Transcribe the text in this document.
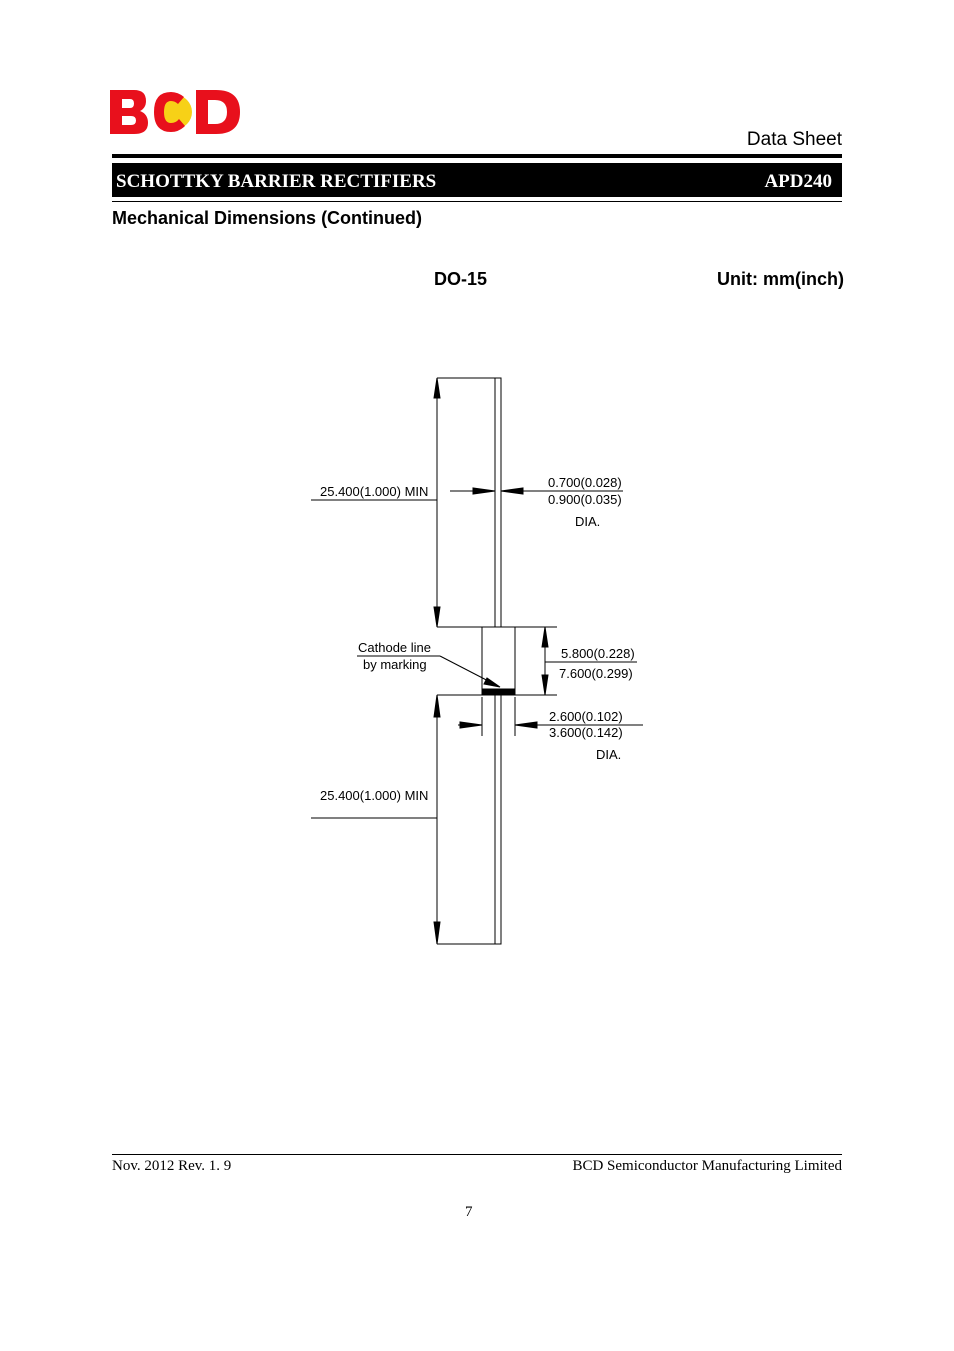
Data Sheet
SCHOTTKY BARRIER RECTIFIERS	APD240
Mechanical Dimensions (Continued)
DO-15	Unit: mm(inch)
25.400(1.000) MIN
0.700(0.028)
0.900(0.035)
DIA.
Cathode line
by marking
5.800(0.228)
7.600(0.299)
2.600(0.102)
3.600(0.142)
DIA.
25.400(1.000) MIN
Nov. 2012 Rev. 1. 9	BCD Semiconductor Manufacturing Limited
7
